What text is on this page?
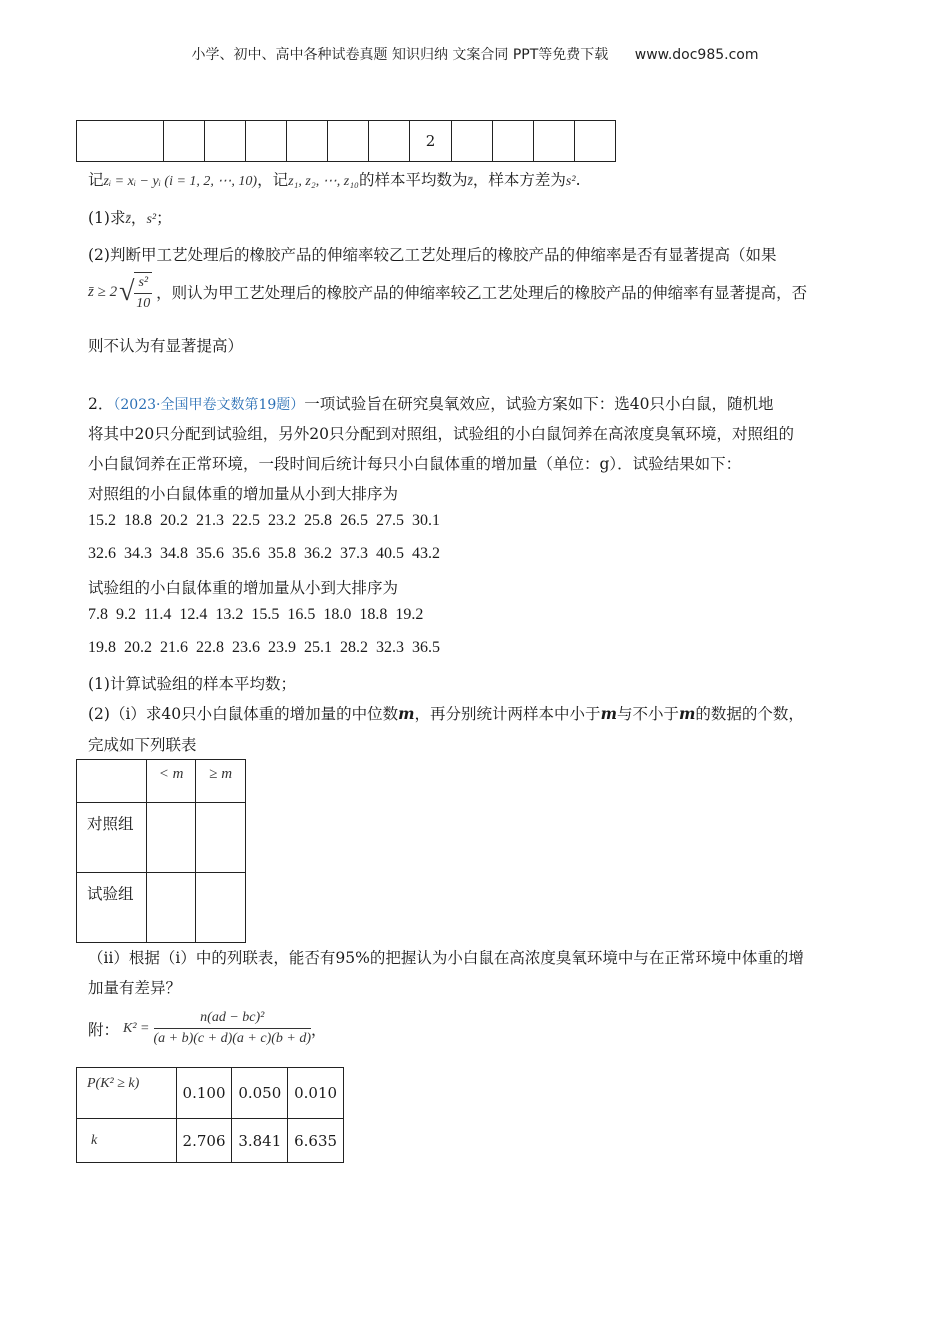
小学、初中、高中各种试卷真题 知识归纳 文案合同 PPT等免费下载 www.doc985.com
							2				
记zᵢ = xᵢ − yᵢ (i = 1, 2, ⋯, 10)，记z₁, z₂, ⋯, z₁₀的样本平均数为z̄，样本方差为s².
(1)求z̄，s²；
(2)判断甲工艺处理后的橡胶产品的伸缩率较乙工艺处理后的橡胶产品的伸缩率是否有显著提高（如果
z̄ ≥ 2 √ $\frac{\text{s²}}{10}$ ，则认为甲工艺处理后的橡胶产品的伸缩率较乙工艺处理后的橡胶产品的伸缩率有显著提高，否
则不认为有显著提高）
2．（2023·全国甲卷文数第19题）一项试验旨在研究臭氧效应，试验方案如下：选40只小白鼠，随机地
将其中20只分配到试验组，另外20只分配到对照组，试验组的小白鼠饲养在高浓度臭氧环境，对照组的
小白鼠饲养在正常环境，一段时间后统计每只小白鼠体重的增加量（单位：g）．试验结果如下：
对照组的小白鼠体重的增加量从小到大排序为
15.2 18.8 20.2 21.3 22.5 23.2 25.8 26.5 27.5 30.1
32.6 34.3 34.8 35.6 35.6 35.8 36.2 37.3 40.5 43.2
试验组的小白鼠体重的增加量从小到大排序为
7.8 9.2 11.4 12.4 13.2 15.5 16.5 18.0 18.8 19.2
19.8 20.2 21.6 22.8 23.6 23.9 25.1 28.2 32.3 36.5
(1)计算试验组的样本平均数；
(2)（ⅰ）求40只小白鼠体重的增加量的中位数m，再分别统计两样本中小于m与不小于m的数据的个数，
完成如下列联表
	< m	≥ m
对照组		
试验组		
（ⅱ）根据（ⅰ）中的列联表，能否有95%的把握认为小白鼠在高浓度臭氧环境中与在正常环境中体重的增
加量有差异？
附： $K^2 = \frac{\text{n(ad − bc)²}}{(a + b)(c + d)(a + c)(b + d)}$ ，
P(K² ≥ k)	0.100	0.050	0.010
k	2.706	3.841	6.635
